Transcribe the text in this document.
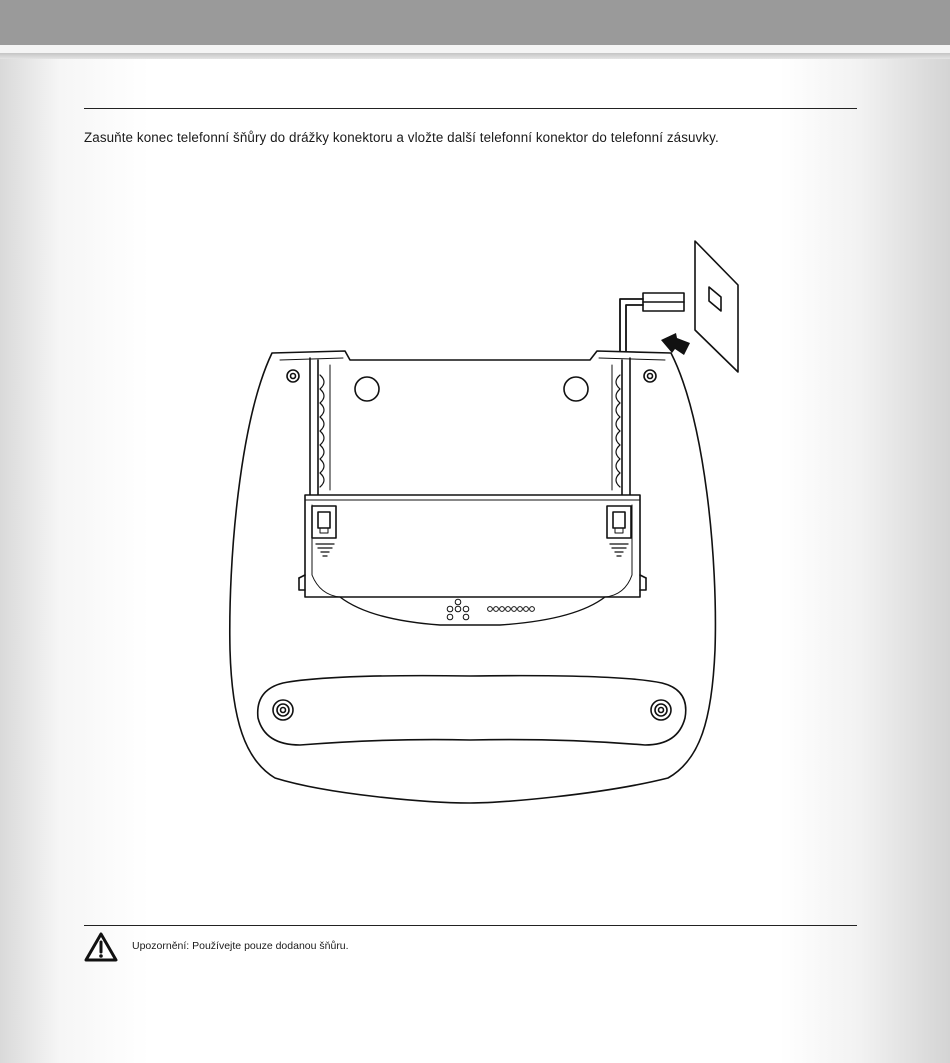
Zasuňte konec telefonní šňůry do drážky konektoru a vložte další telefonní konektor do telefonní zásuvky.

Upozornění: Používejte pouze dodanou šňůru.
